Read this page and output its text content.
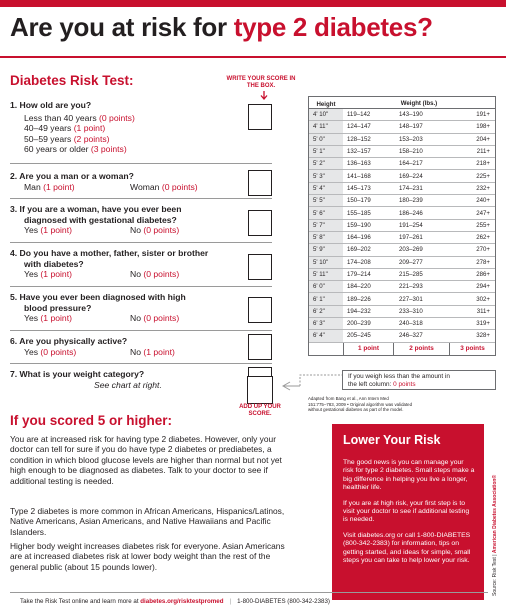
Are you at risk for type 2 diabetes?
Diabetes Risk Test:	WRITE YOUR SCORE IN THE BOX.
1. How old are you?
Less than 40 years (0 points)
40–49 years (1 point)
50–59 years (2 points)
60 years or older (3 points)
2. Are you a man or a woman?
Man (1 point)	Woman (0 points)
3. If you are a woman, have you ever been
diagnosed with gestational diabetes?
Yes (1 point)	No (0 points)
4. Do you have a mother, father, sister or brother
with diabetes?
Yes (1 point)	No (0 points)
5. Have you ever been diagnosed with high
blood pressure?
Yes (1 point)	No (0 points)
6. Are you physically active?
Yes (0 points)	No (1 point)
7. What is your weight category?
See chart at right.
ADD UP YOUR SCORE.
Height	Weight (lbs.)
4' 10"	119–142	143–190	191+
4' 11"	124–147	148–197	198+
5' 0"	128–152	153–203	204+
5' 1"	132–157	158–210	211+
5' 2"	136–163	164–217	218+
5' 3"	141–168	169–224	225+
5' 4"	145–173	174–231	232+
5' 5"	150–179	180–239	240+
5' 6"	155–185	186–246	247+
5' 7"	159–190	191–254	255+
5' 8"	164–196	197–261	262+
5' 9"	169–202	203–269	270+
5' 10"	174–208	209–277	278+
5' 11"	179–214	215–285	286+
6' 0"	184–220	221–293	294+
6' 1"	189–226	227–301	302+
6' 2"	194–232	233–310	311+
6' 3"	200–239	240–318	319+
6' 4"	205–245	246–327	328+
1 point	2 points	3 points
If you weigh less than the amount in
the left column: 0 points
Adapted from Bang et al., Ann Intern Med
151:775–783, 2009 • Original algorithm was validated
without gestational diabetes as part of the model.
If you scored 5 or higher:
You are at increased risk for having type 2 diabetes. However, only your doctor can tell for sure if you do have type 2 diabetes or prediabetes, a condition in which blood glucose levels are higher than normal but not yet high enough to be diagnosed as diabetes. Talk to your doctor to see if additional testing is needed.
Type 2 diabetes is more common in African Americans, Hispanics/Latinos, Native Americans, Asian Americans, and Native Hawaiians and Pacific Islanders.
Higher body weight increases diabetes risk for everyone. Asian Americans are at increased diabetes risk at lower body weight than the rest of the general public (about 15 pounds lower).
Lower Your Risk
The good news is you can manage your risk for type 2 diabetes. Small steps make a big difference in helping you live a longer, healthier life.
If you are at high risk, your first step is to visit your doctor to see if additional testing is needed.
Visit diabetes.org or call 1-800-DIABETES (800-342-2383) for information, tips on getting started, and ideas for simple, small steps you can take to help lower your risk.	Source: Risk Test | American Diabetes Association®
Take the Risk Test online and learn more at diabetes.org/risktestpromed | 1-800-DIABETES (800-342-2383)
